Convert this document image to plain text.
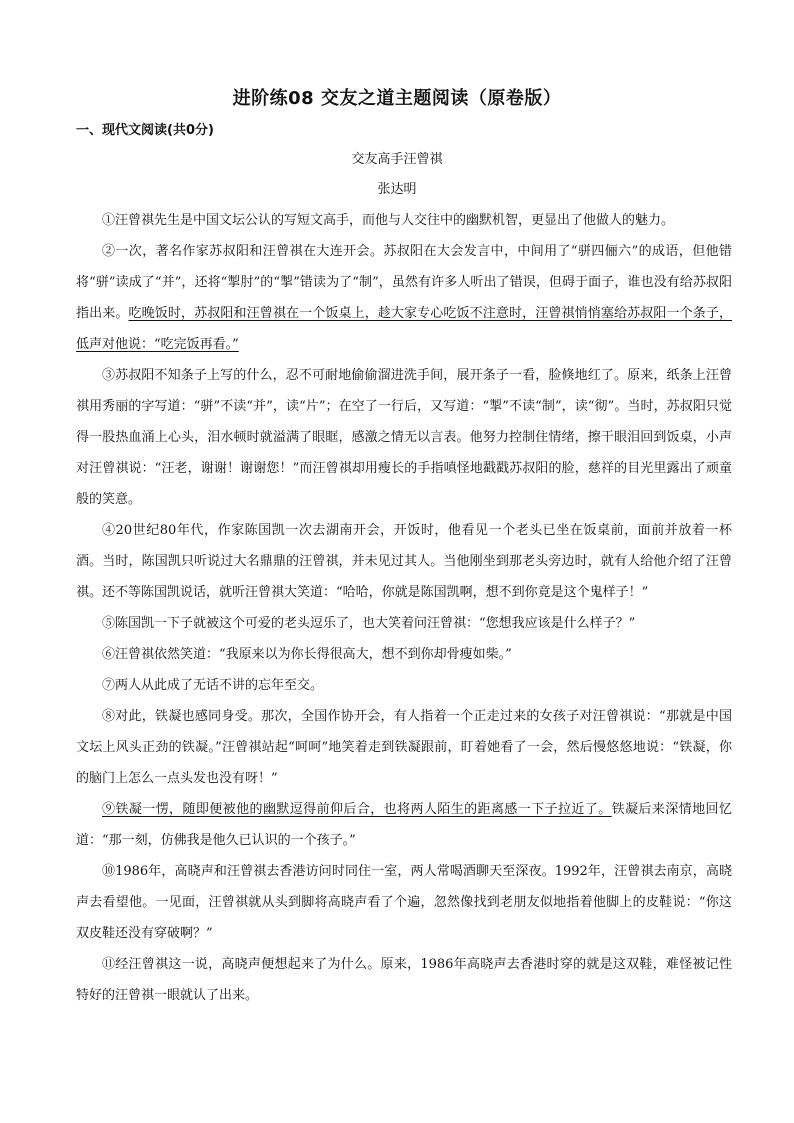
进阶练08 交友之道主题阅读（原卷版）
一、现代文阅读(共0分)
交友高手汪曾祺
张达明

①汪曾祺先生是中国文坛公认的写短文高手，而他与人交往中的幽默机智，更显出了他做人的魅力。

②一次，著名作家苏叔阳和汪曾祺在大连开会。苏叔阳在大会发言中，中间用了“骈四俪六”的成语，但他错将“骈”读成了“并”，还将“掣肘”的“掣”错读为了“制”，虽然有许多人听出了错误，但碍于面子，谁也没有给苏叔阳指出来。吃晚饭时，苏叔阳和汪曾祺在一个饭桌上，趁大家专心吃饭不注意时，汪曾祺悄悄塞给苏叔阳一个条子，低声对他说：“吃完饭再看。”

③苏叔阳不知条子上写的什么，忍不可耐地偷偷溜进洗手间，展开条子一看，脸倏地红了。原来，纸条上汪曾祺用秀丽的字写道：“骈”不读“并”，读“片”；在空了一行后，又写道：“掣”不读“制”，读“彻”。当时，苏叔阳只觉得一股热血涌上心头，泪水顿时就溢满了眼眶，感激之情无以言表。他努力控制住情绪，擦干眼泪回到饭桌，小声对汪曾祺说：“汪老，谢谢！谢谢您！”而汪曾祺却用瘦长的手指嗔怪地戳戳苏叔阳的脸，慈祥的目光里露出了顽童般的笑意。

④20世纪80年代，作家陈国凯一次去湖南开会，开饭时，他看见一个老头已坐在饭桌前，面前并放着一杯酒。当时，陈国凯只听说过大名鼎鼎的汪曾祺，并未见过其人。当他刚坐到那老头旁边时，就有人给他介绍了汪曾祺。还不等陈国凯说话，就听汪曾祺大笑道：“哈哈，你就是陈国凯啊，想不到你竟是这个鬼样子！”

⑤陈国凯一下子就被这个可爱的老头逗乐了，也大笑着问汪曾祺：“您想我应该是什么样子？”

⑥汪曾祺依然笑道：“我原来以为你长得很高大，想不到你却骨瘦如柴。”

⑦两人从此成了无话不讲的忘年至交。

⑧对此，铁凝也感同身受。那次，全国作协开会，有人指着一个正走过来的女孩子对汪曾祺说：“那就是中国文坛上风头正劲的铁凝。”汪曾祺站起“呵呵”地笑着走到铁凝跟前，盯着她看了一会，然后慢悠悠地说：“铁凝，你的脑门上怎么一点头发也没有呀！”

⑨铁凝一愣，随即便被他的幽默逗得前仰后合，也将两人陌生的距离感一下子拉近了。铁凝后来深情地回忆道：“那一刻，仿佛我是他久已认识的一个孩子。”

⑩1986年，高晓声和汪曾祺去香港访问时同住一室，两人常喝酒聊天至深夜。1992年，汪曾祺去南京，高晓声去看望他。一见面，汪曾祺就从头到脚将高晓声看了个遍，忽然像找到老朋友似地指着他脚上的皮鞋说：“你这双皮鞋还没有穿破啊？”

⑪经汪曾祺这一说，高晓声便想起来了为什么。原来，1986年高晓声去香港时穿的就是这双鞋，难怪被记性特好的汪曾祺一眼就认了出来。
